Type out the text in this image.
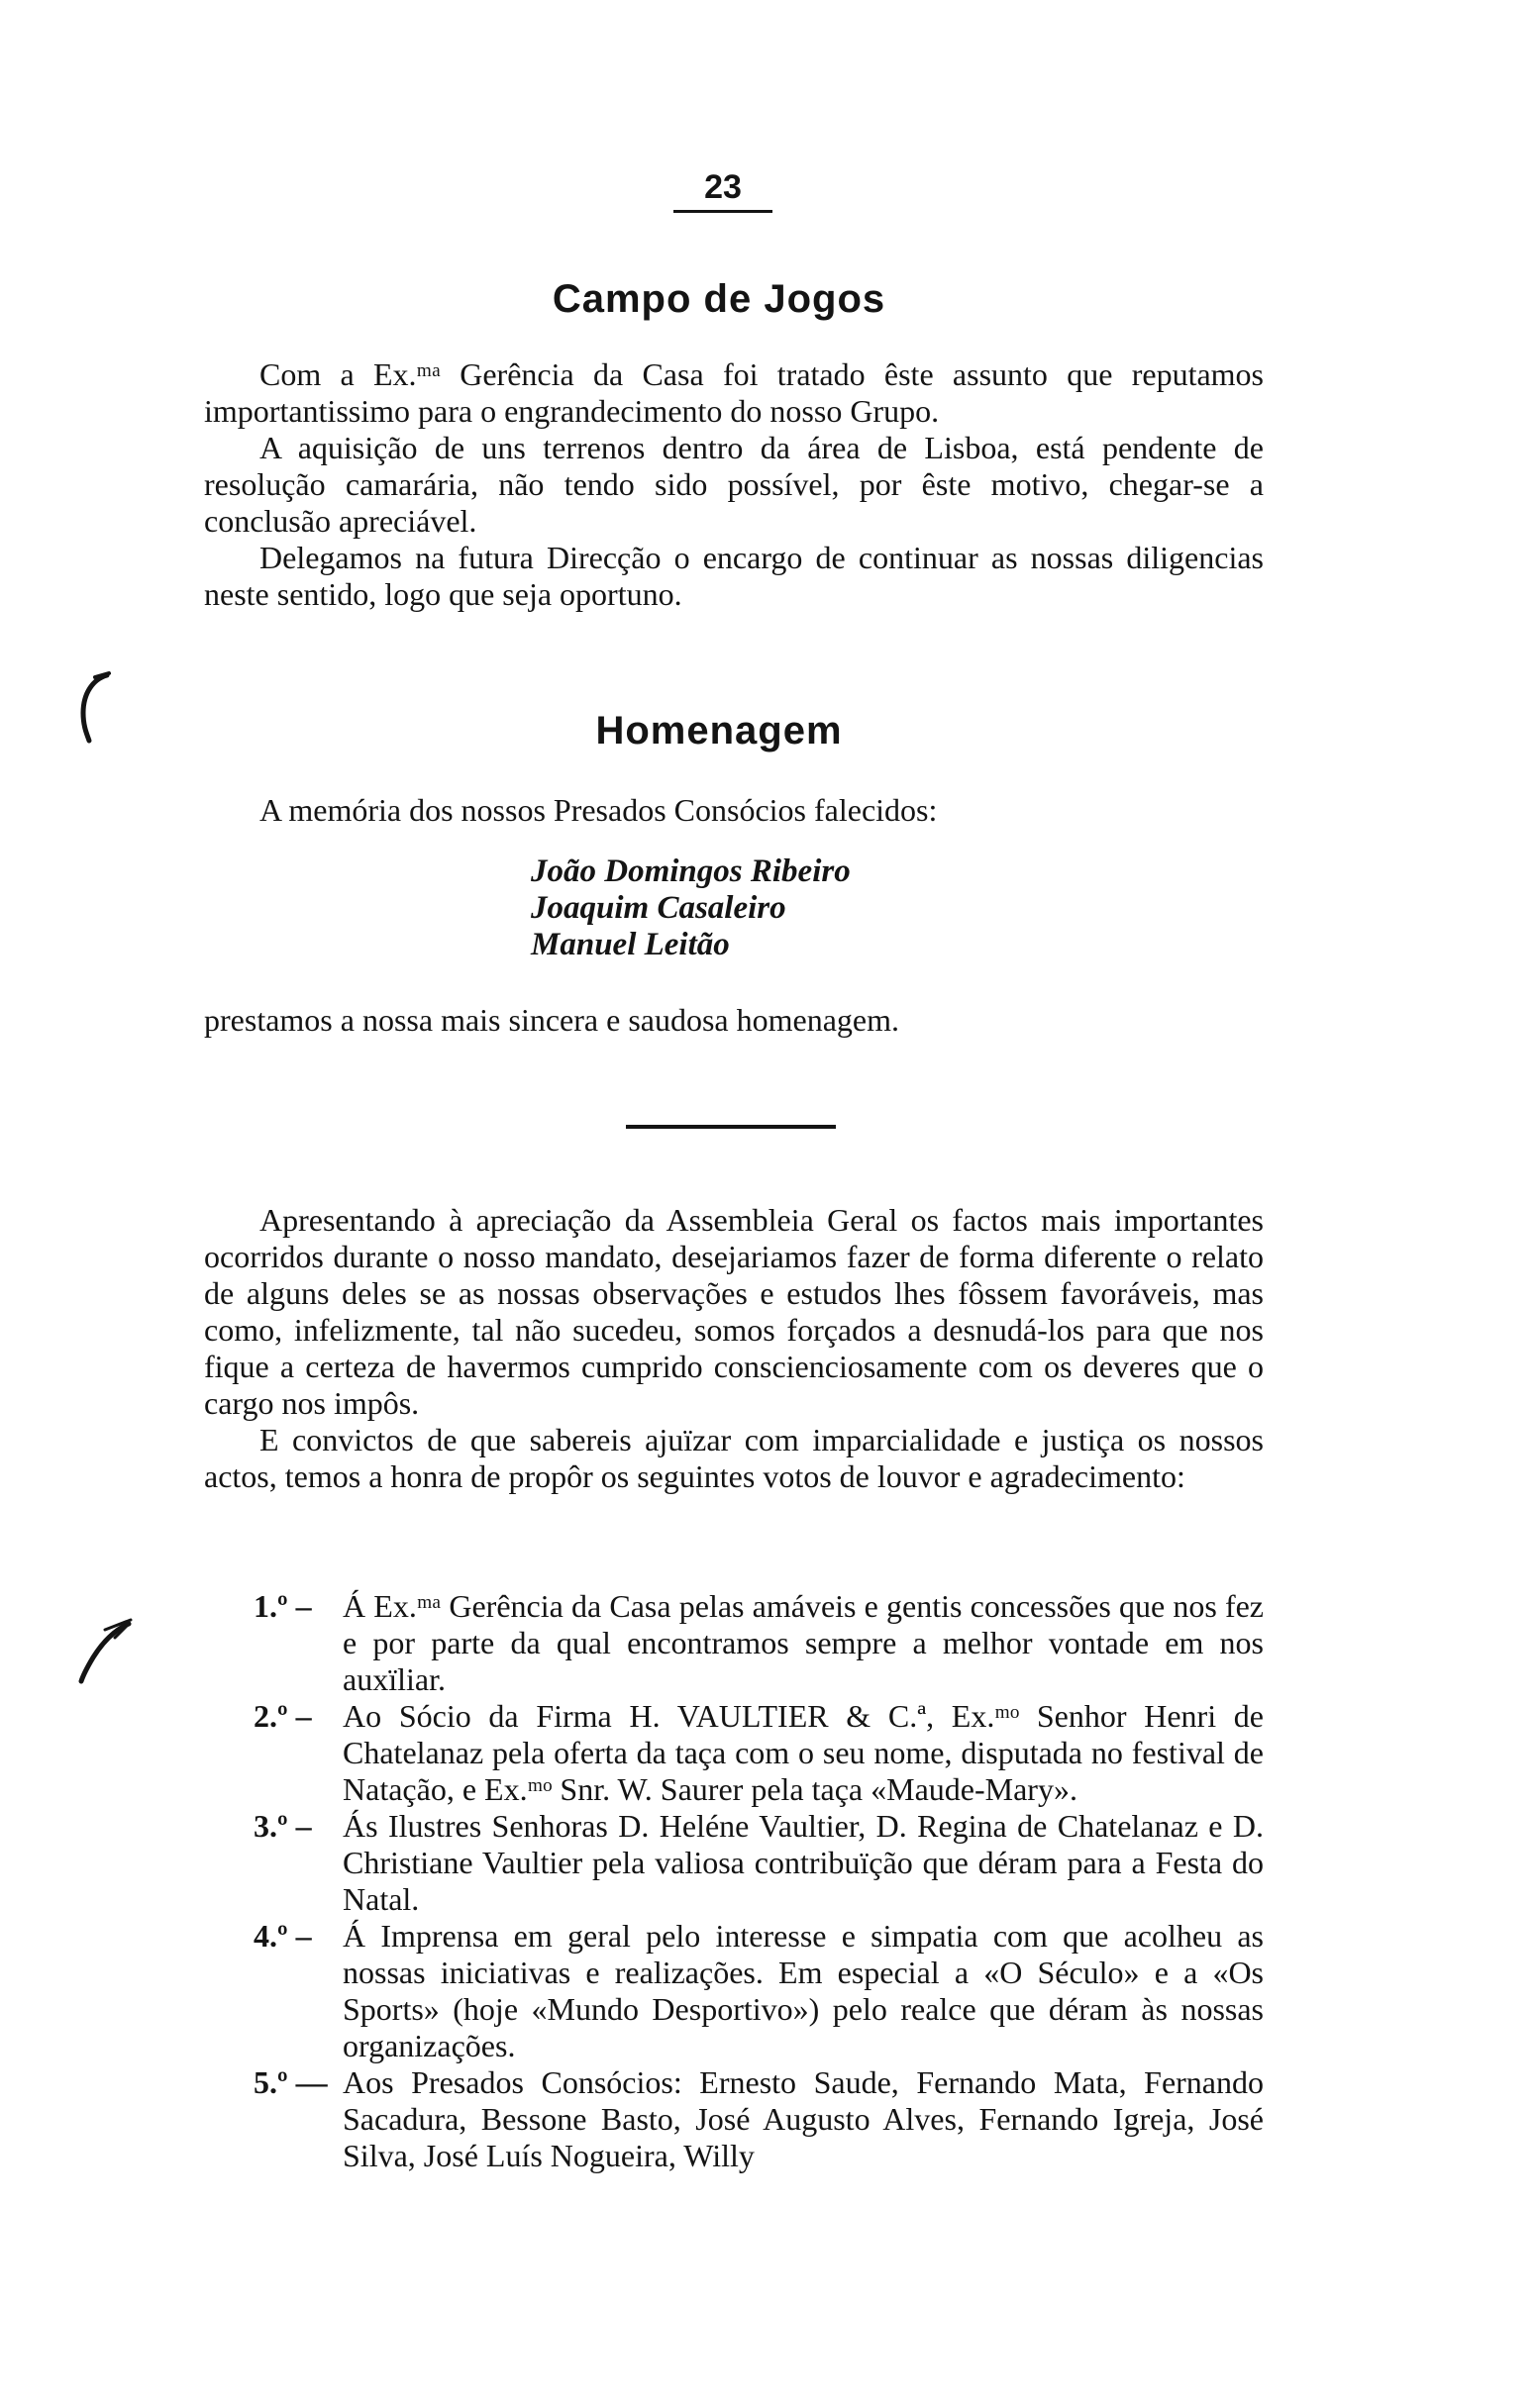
23
Campo de Jogos

Com a Ex.ᵐᵃ Gerência da Casa foi tratado êste assunto que reputamos importantissimo para o engrandecimento do nosso Grupo.

A aquisição de uns terrenos dentro da área de Lisboa, está pendente de resolução camarária, não tendo sido possível, por êste motivo, chegar-se a conclusão apreciável.

Delegamos na futura Direcção o encargo de continuar as nossas diligencias neste sentido, logo que seja oportuno.

Homenagem

A memória dos nossos Presados Consócios falecidos:

João Domingos Ribeiro
Joaquim Casaleiro
Manuel Leitão

prestamos a nossa mais sincera e saudosa homenagem.

Apresentando à apreciação da Assembleia Geral os factos mais importantes ocorridos durante o nosso mandato, desejariamos fazer de forma diferente o relato de alguns deles se as nossas observações e estudos lhes fôssem favoráveis, mas como, infelizmente, tal não sucedeu, somos forçados a desnudá-los para que nos fique a certeza de havermos cumprido conscienciosamente com os deveres que o cargo nos impôs.

E convictos de que sabereis ajuïzar com imparcialidade e justiça os nossos actos, temos a honra de propôr os seguintes votos de louvor e agradecimento:

1.º – Á Ex.ᵐᵃ Gerência da Casa pelas amáveis e gentis concessões que nos fez e por parte da qual encontramos sempre a melhor vontade em nos auxïliar.
2.º – Ao Sócio da Firma H. VAULTIER & C.ª, Ex.ᵐᵒ Senhor Henri de Chatelanaz pela oferta da taça com o seu nome, disputada no festival de Natação, e Ex.ᵐᵒ Snr. W. Saurer pela taça «Maude-Mary».
3.º – Ás Ilustres Senhoras D. Heléne Vaultier, D. Regina de Chatelanaz e D. Christiane Vaultier pela valiosa contribuïção que déram para a Festa do Natal.
4.º – Á Imprensa em geral pelo interesse e simpatia com que acolheu as nossas iniciativas e realizações. Em especial a «O Século» e a «Os Sports» (hoje «Mundo Desportivo») pelo realce que déram às nossas organizações.
5.º — Aos Presados Consócios: Ernesto Saude, Fernando Mata, Fernando Sacadura, Bessone Basto, José Augusto Alves, Fernando Igreja, José Silva, José Luís Nogueira, Willy
